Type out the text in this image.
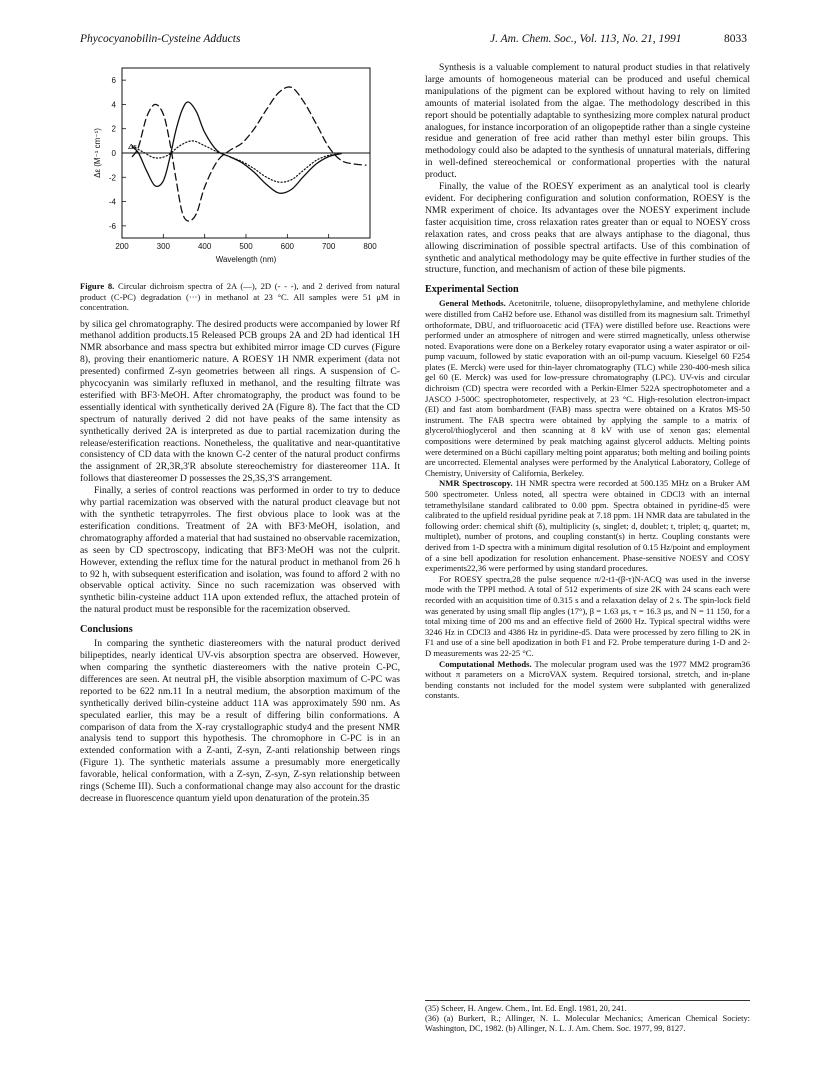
Phycocyanobilin-Cysteine Adducts	J. Am. Chem. Soc., Vol. 113, No. 21, 1991	8033
200	300	400	500	600	700	800
-6
-4
-2
0
2
4
6
Wavelength (nm)
Δε (M⁻¹ cm⁻¹)	Δε

Figure 8. Circular dichroism spectra of 2A (—), 2D (- - -), and 2 derived from natural product (C-PC) degradation (···) in methanol at 23 °C. All samples were 51 μM in concentration.

by silica gel chromatography. The desired products were accompanied by lower Rf methanol addition products.15 Released PCB groups 2A and 2D had identical 1H NMR absorbance and mass spectra but exhibited mirror image CD curves (Figure 8), proving their enantiomeric nature. A ROESY 1H NMR experiment (data not presented) confirmed Z-syn geometries between all rings. A suspension of C-phycocyanin was similarly refluxed in methanol, and the resulting filtrate was esterified with BF3·MeOH. After chromatography, the product was found to be essentially identical with synthetically derived 2A (Figure 8). The fact that the CD spectrum of naturally derived 2 did not have peaks of the same intensity as synthetically derived 2A is interpreted as due to partial racemization during the release/esterification reactions. Nonetheless, the qualitative and near-quantitative consistency of CD data with the known C-2 center of the natural product confirms the assignment of 2R,3R,3'R absolute stereochemistry for diastereomer 11A. It follows that diastereomer D possesses the 2S,3S,3'S arrangement.

Finally, a series of control reactions was performed in order to try to deduce why partial racemization was observed with the natural product cleavage but not with the synthetic tetrapyrroles. The first obvious place to look was at the esterification conditions. Treatment of 2A with BF3·MeOH, isolation, and chromatography afforded a material that had sustained no observable racemization, as seen by CD spectroscopy, indicating that BF3·MeOH was not the culprit. However, extending the reflux time for the natural product in methanol from 26 h to 92 h, with subsequent esterification and isolation, was found to afford 2 with no observable optical activity. Since no such racemization was observed with synthetic bilin-cysteine adduct 11A upon extended reflux, the attached protein of the natural product must be responsible for the racemization observed.

Conclusions

In comparing the synthetic diastereomers with the natural product derived bilipeptides, nearly identical UV-vis absorption spectra are observed. However, when comparing the synthetic diastereomers with the native protein C-PC, differences are seen. At neutral pH, the visible absorption maximum of C-PC was reported to be 622 nm.11 In a neutral medium, the absorption maximum of the synthetically derived bilin-cysteine adduct 11A was approximately 590 nm. As speculated earlier, this may be a result of differing bilin conformations. A comparison of data from the X-ray crystallographic study4 and the present NMR analysis tend to support this hypothesis. The chromophore in C-PC is in an extended conformation with a Z-anti, Z-syn, Z-anti relationship between rings (Figure 1). The synthetic materials assume a presumably more energetically favorable, helical conformation, with a Z-syn, Z-syn, Z-syn relationship between rings (Scheme III). Such a conformational change may also account for the drastic decrease in fluorescence quantum yield upon denaturation of the protein.35

Synthesis is a valuable complement to natural product studies in that relatively large amounts of homogeneous material can be produced and useful chemical manipulations of the pigment can be explored without having to rely on limited amounts of material isolated from the algae. The methodology described in this report should be potentially adaptable to synthesizing more complex natural product analogues, for instance incorporation of an oligopeptide rather than a single cysteine residue and generation of free acid rather than methyl ester bilin groups. This methodology could also be adapted to the synthesis of unnatural materials, differing in well-defined stereochemical or conformational properties with the natural product.

Finally, the value of the ROESY experiment as an analytical tool is clearly evident. For deciphering configuration and solution conformation, ROESY is the NMR experiment of choice. Its advantages over the NOESY experiment include faster acquisition time, cross relaxation rates greater than or equal to NOESY cross relaxation rates, and cross peaks that are always antiphase to the diagonal, thus allowing discrimination of possible spectral artifacts. Use of this combination of synthetic and analytical methodology may be quite effective in further studies of the structure, function, and mechanism of action of these bile pigments.

Experimental Section

General Methods. Acetonitrile, toluene, diisopropylethylamine, and methylene chloride were distilled from CaH2 before use. Ethanol was distilled from its magnesium salt. Trimethyl orthoformate, DBU, and trifluoroacetic acid (TFA) were distilled before use. Reactions were performed under an atmosphere of nitrogen and were stirred magnetically, unless otherwise noted. Evaporations were done on a Berkeley rotary evaporator using a water aspirator or oil-pump vacuum, followed by static evaporation with an oil-pump vacuum. Kieselgel 60 F254 plates (E. Merck) were used for thin-layer chromatography (TLC) while 230-400-mesh silica gel 60 (E. Merck) was used for low-pressure chromatography (LPC). UV-vis and circular dichroism (CD) spectra were recorded with a Perkin-Elmer 522A spectrophotometer and a JASCO J-500C spectrophotometer, respectively, at 23 °C. High-resolution electron-impact (EI) and fast atom bombardment (FAB) mass spectra were obtained on a Kratos MS-50 instrument. The FAB spectra were obtained by applying the sample to a matrix of glycerol/thioglycerol and then scanning at 8 kV with use of xenon gas; elemental compositions were determined by peak matching against glycerol adducts. Melting points were determined on a Büchi capillary melting point apparatus; both melting and boiling points are uncorrected. Elemental analyses were performed by the Analytical Laboratory, College of Chemistry, University of California, Berkeley.

NMR Spectroscopy. 1H NMR spectra were recorded at 500.135 MHz on a Bruker AM 500 spectrometer. Unless noted, all spectra were obtained in CDCl3 with an internal tetramethylsilane standard calibrated to 0.00 ppm. Spectra obtained in pyridine-d5 were calibrated to the upfield residual pyridine peak at 7.18 ppm. 1H NMR data are tabulated in the following order: chemical shift (δ), multiplicity (s, singlet; d, doublet; t, triplet; q, quartet; m, multiplet), number of protons, and coupling constant(s) in hertz. Coupling constants were derived from 1-D spectra with a minimum digital resolution of 0.15 Hz/point and employment of a sine bell apodization for resolution enhancement. Phase-sensitive NOESY and COSY experiments22,36 were performed by using standard procedures.

For ROESY spectra,28 the pulse sequence π/2-t1-(β-τ)N-ACQ was used in the inverse mode with the TPPI method. A total of 512 experiments of size 2K with 24 scans each were recorded with an acquisition time of 0.315 s and a relaxation delay of 2 s. The spin-lock field was generated by using small flip angles (17°), β = 1.63 μs, τ = 16.3 μs, and N = 11 150, for a total mixing time of 200 ms and an effective field of 2600 Hz. Typical spectral widths were 3246 Hz in CDCl3 and 4386 Hz in pyridine-d5. Data were processed by zero filling to 2K in F1 and use of a sine bell apodization in both F1 and F2. Probe temperature during 1-D and 2-D measurements was 22-25 °C.

Computational Methods. The molecular program used was the 1977 MM2 program36 without π parameters on a MicroVAX system. Required torsional, stretch, and in-plane bending constants not included for the model system were subplanted with generalized constants.

(35) Scheer, H. Angew. Chem., Int. Ed. Engl. 1981, 20, 241.

(36) (a) Burkert, R.; Allinger, N. L. Molecular Mechanics; American Chemical Society: Washington, DC, 1982. (b) Allinger, N. L. J. Am. Chem. Soc. 1977, 99, 8127.
